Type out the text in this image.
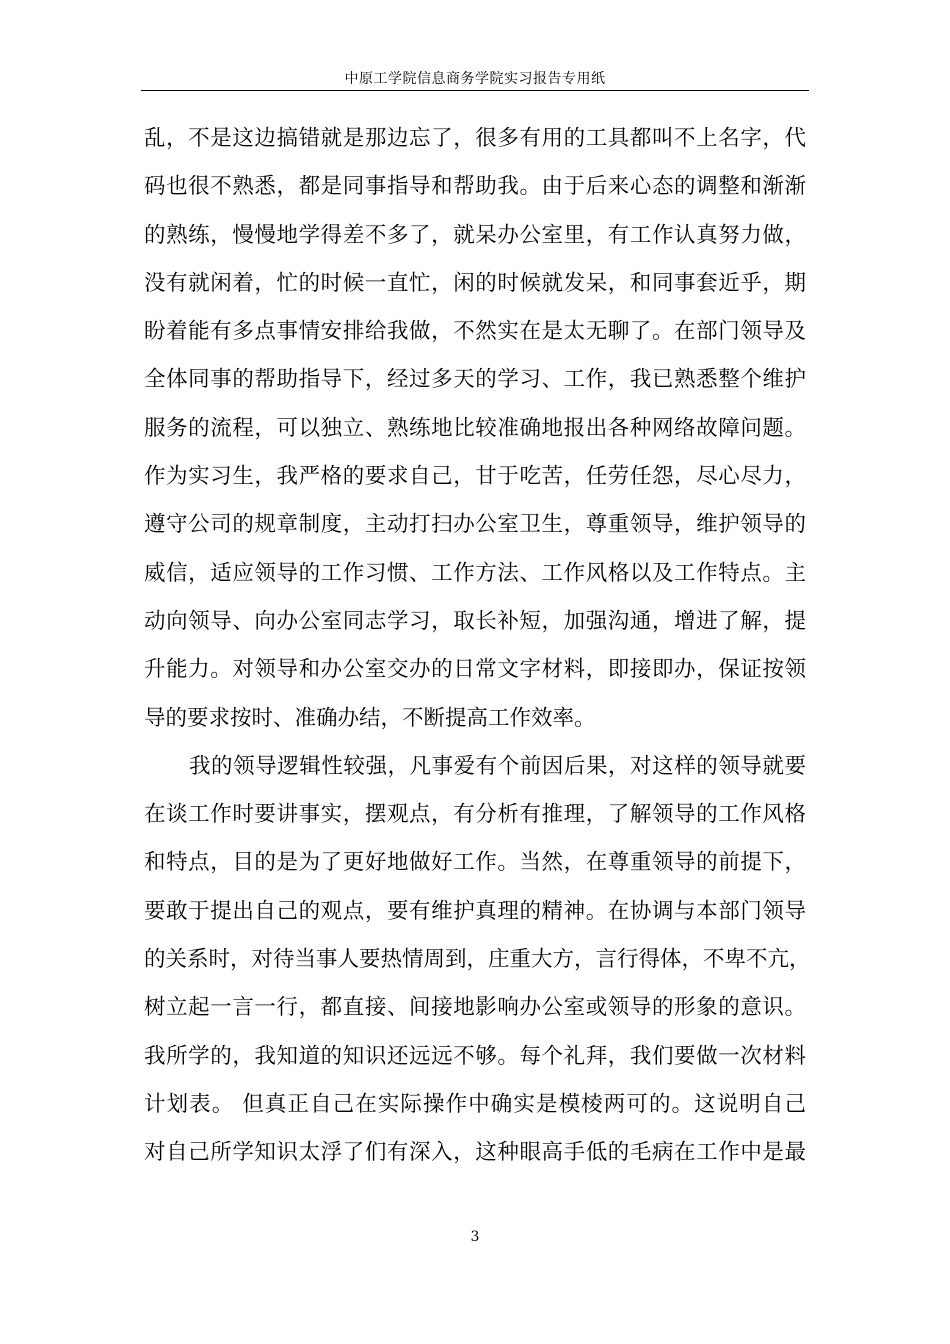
中原工学院信息商务学院实习报告专用纸
乱，不是这边搞错就是那边忘了，很多有用的工具都叫不上名字，代
码也很不熟悉，都是同事指导和帮助我。由于后来心态的调整和渐渐
的熟练，慢慢地学得差不多了，就呆办公室里，有工作认真努力做，
没有就闲着，忙的时候一直忙，闲的时候就发呆，和同事套近乎，期
盼着能有多点事情安排给我做，不然实在是太无聊了。在部门领导及
全体同事的帮助指导下，经过多天的学习、工作，我已熟悉整个维护
服务的流程，可以独立、熟练地比较准确地报出各种网络故障问题。
作为实习生，我严格的要求自己，甘于吃苦，任劳任怨，尽心尽力，
遵守公司的规章制度，主动打扫办公室卫生，尊重领导，维护领导的
威信，适应领导的工作习惯、工作方法、工作风格以及工作特点。主
动向领导、向办公室同志学习，取长补短，加强沟通，增进了解，提
升能力。对领导和办公室交办的日常文字材料，即接即办，保证按领
导的要求按时、准确办结，不断提高工作效率。
我的领导逻辑性较强，凡事爱有个前因后果，对这样的领导就要
在谈工作时要讲事实，摆观点，有分析有推理，了解领导的工作风格
和特点，目的是为了更好地做好工作。当然，在尊重领导的前提下，
要敢于提出自己的观点，要有维护真理的精神。在协调与本部门领导
的关系时，对待当事人要热情周到，庄重大方，言行得体，不卑不亢，
树立起一言一行，都直接、间接地影响办公室或领导的形象的意识。
我所学的，我知道的知识还远远不够。每个礼拜，我们要做一次材料
计划表。 但真正自己在实际操作中确实是模棱两可的。这说明自己
对自己所学知识太浮了们有深入，这种眼高手低的毛病在工作中是最
3
